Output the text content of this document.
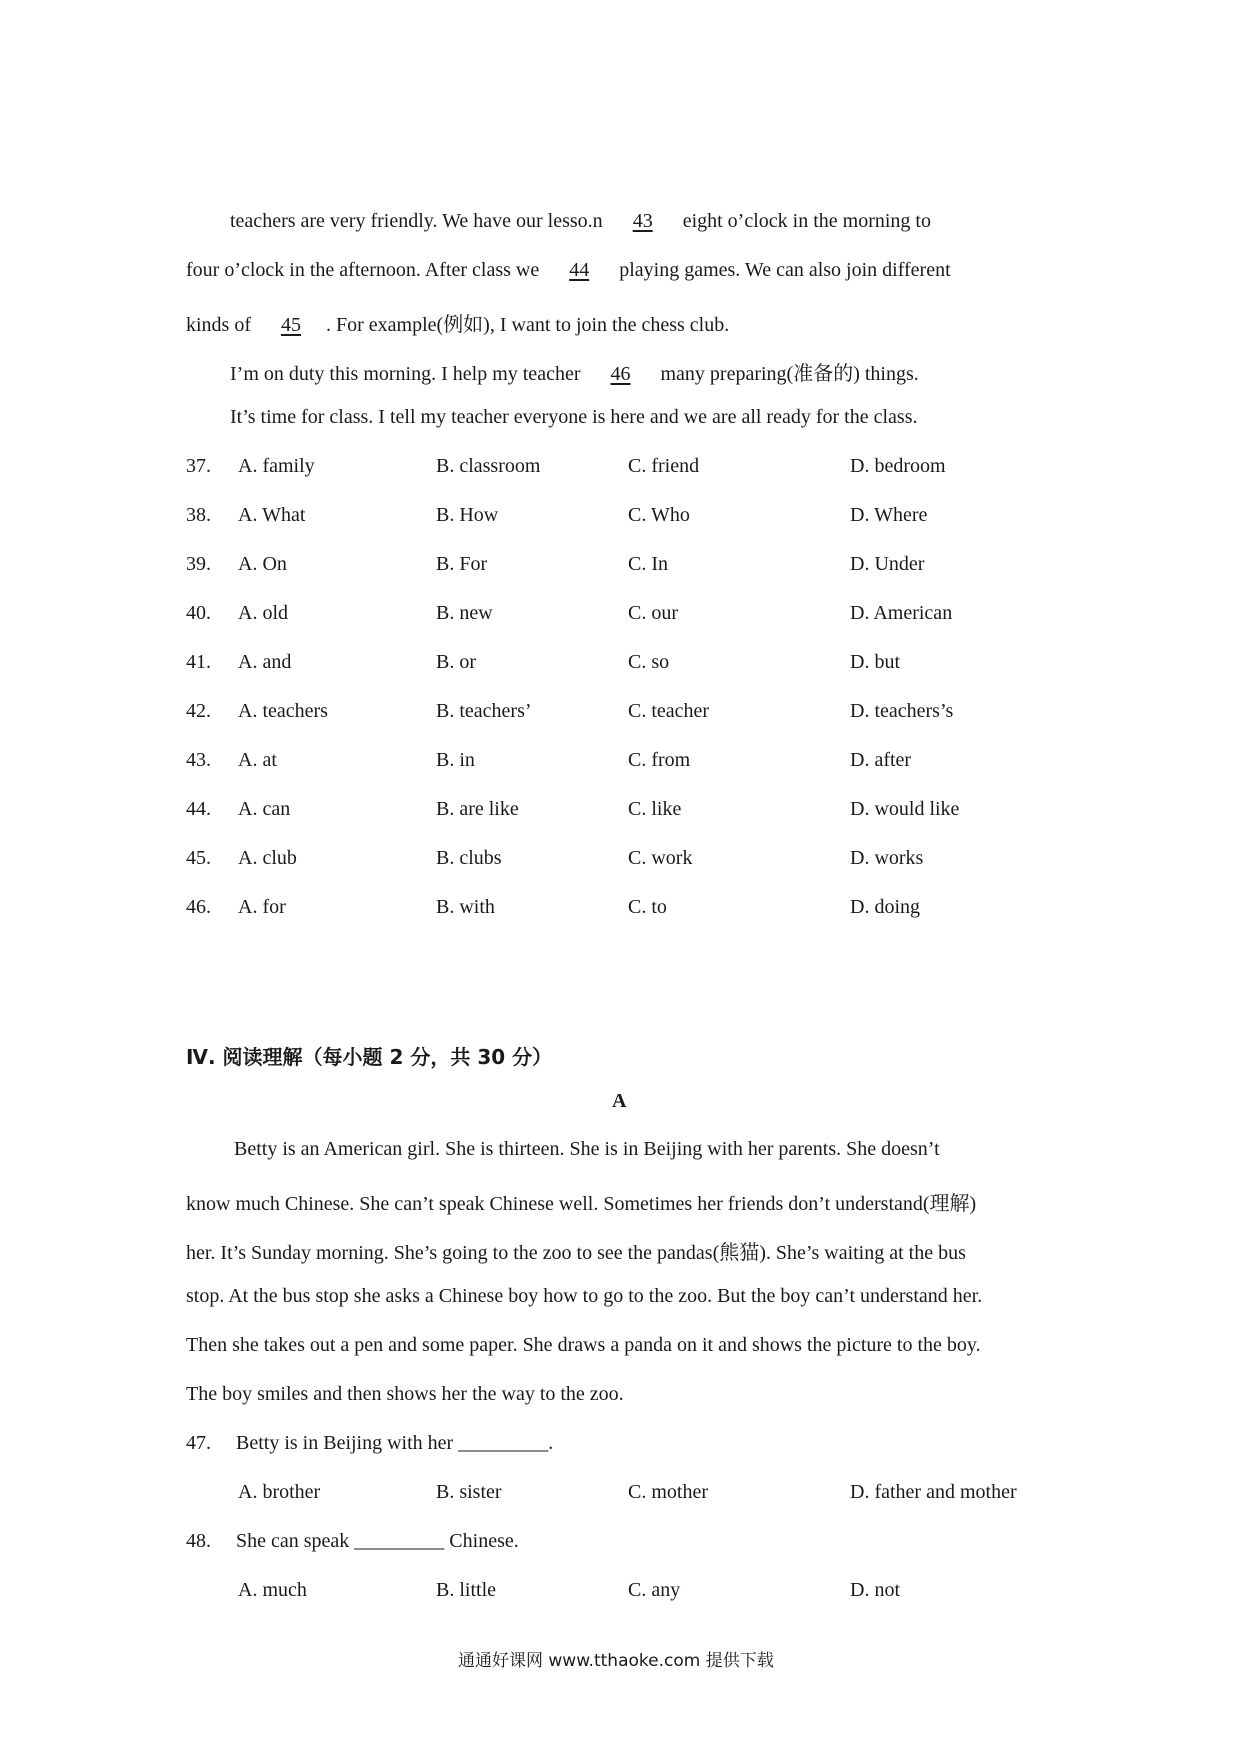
teachers are very friendly. We have our lesso.n 43 eight o’clock in the morning to
four o’clock in the afternoon. After class we 44 playing games. We can also join different
kinds of 45 . For example(例如), I want to join the chess club.
I’m on duty this morning. I help my teacher 46 many preparing(准备的) things.
It’s time for class. I tell my teacher everyone is here and we are all ready for the class.
37. A. family	B. classroom	C. friend	D. bedroom
38. A. What	B. How	C. Who	D. Where
39. A. On	B. For	C. In	D. Under
40. A. old	B. new	C. our	D. American
41. A. and	B. or	C. so	D. but
42. A. teachers	B. teachers’	C. teacher	D. teachers’s
43. A. at	B. in	C. from	D. after
44. A. can	B. are like	C. like	D. would like
45. A. club	B. clubs	C. work	D. works
46. A. for	B. with	C. to	D. doing
Ⅳ. 阅读理解（每小题 2 分，共 30 分）
A
Betty is an American girl. She is thirteen. She is in Beijing with her parents. She doesn’t
know much Chinese. She can’t speak Chinese well. Sometimes her friends don’t understand(理解)
her. It’s Sunday morning. She’s going to the zoo to see the pandas(熊猫). She’s waiting at the bus
stop. At the bus stop she asks a Chinese boy how to go to the zoo. But the boy can’t understand her.
Then she takes out a pen and some paper. She draws a panda on it and shows the picture to the boy.
The boy smiles and then shows her the way to the zoo.
47. Betty is in Beijing with her _________.
A. brother	B. sister	C. mother	D. father and mother
48. She can speak _________ Chinese.
A. much	B. little	C. any	D. not
通通好课网 www.tthaoke.com 提供下载
